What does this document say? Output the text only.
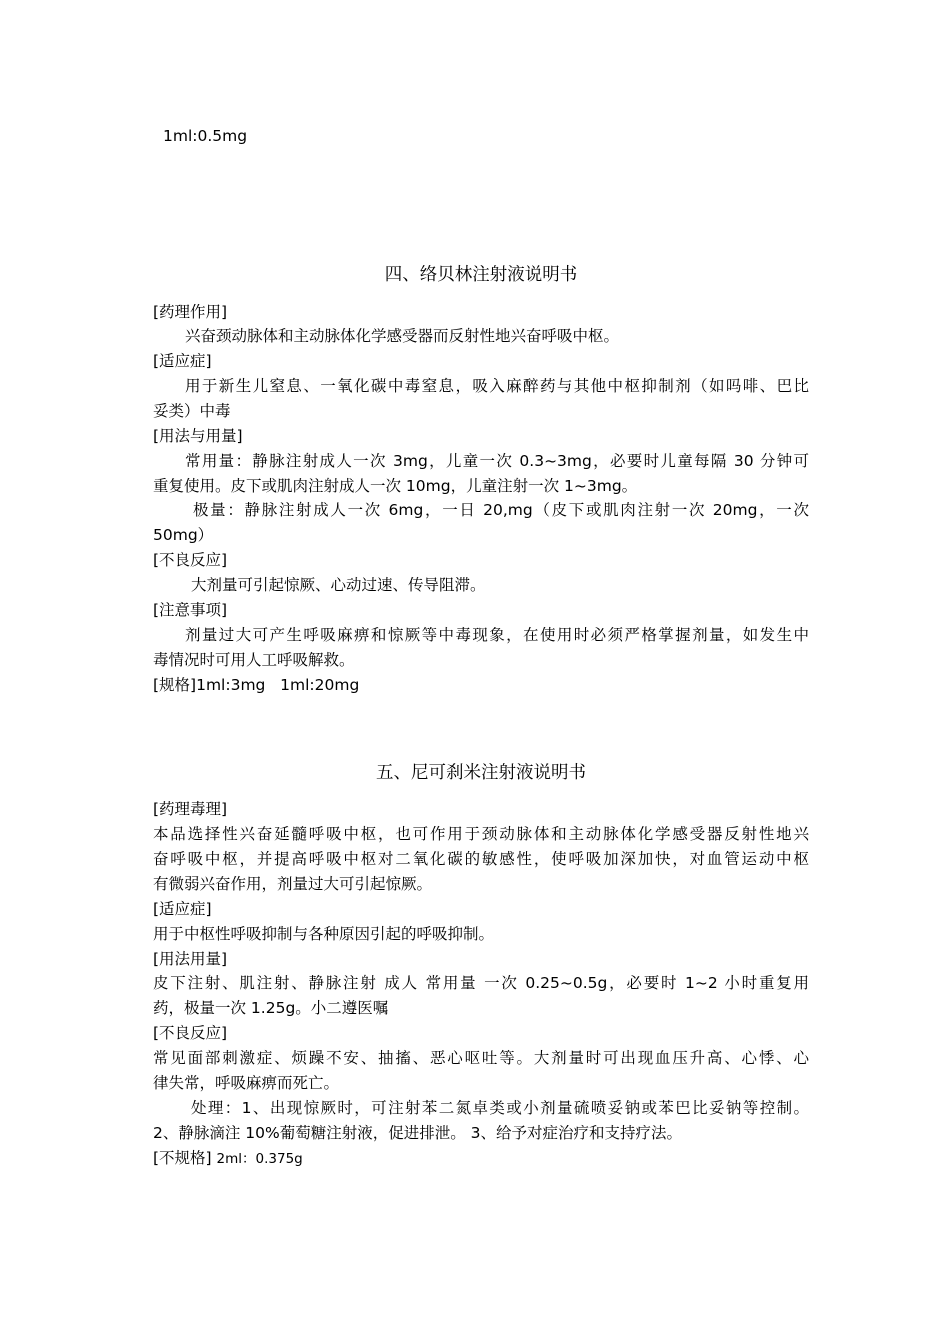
1ml:0.5mg
四、络贝林注射液说明书
[药理作用]
兴奋颈动脉体和主动脉体化学感受器而反射性地兴奋呼吸中枢。
[适应症]
用于新生儿窒息、一氧化碳中毒窒息，吸入麻醉药与其他中枢抑制剂（如吗啡、巴比
妥类）中毒
[用法与用量]
常用量：静脉注射成人一次 3mg，儿童一次 0.3~3mg，必要时儿童每隔 30 分钟可
重复使用。皮下或肌肉注射成人一次 10mg，儿童注射一次 1~3mg。
极量：静脉注射成人一次 6mg，一日 20,mg（皮下或肌肉注射一次 20mg，一次
50mg）
[不良反应]
大剂量可引起惊厥、心动过速、传导阻滞。
[注意事项]
剂量过大可产生呼吸麻痹和惊厥等中毒现象，在使用时必须严格掌握剂量，如发生中
毒情况时可用人工呼吸解救。
[规格]1ml:3mg   1ml:20mg
五、尼可刹米注射液说明书
[药理毒理]
本品选择性兴奋延髓呼吸中枢，也可作用于颈动脉体和主动脉体化学感受器反射性地兴
奋呼吸中枢，并提高呼吸中枢对二氧化碳的敏感性，使呼吸加深加快，对血管运动中枢
有微弱兴奋作用，剂量过大可引起惊厥。
[适应症]
用于中枢性呼吸抑制与各种原因引起的呼吸抑制。
[用法用量]
皮下注射、肌注射、静脉注射 成人 常用量 一次 0.25~0.5g，必要时 1~2 小时重复用
药，极量一次 1.25g。小二遵医嘱
[不良反应]
常见面部刺激症、烦躁不安、抽搐、恶心呕吐等。大剂量时可出现血压升高、心悸、心
律失常，呼吸麻痹而死亡。
处理：1、出现惊厥时，可注射苯二氮卓类或小剂量硫喷妥钠或苯巴比妥钠等控制。
2、静脉滴注 10%葡萄糖注射液，促进排泄。 3、给予对症治疗和支持疗法。
[不规格] 2ml：0.375g
